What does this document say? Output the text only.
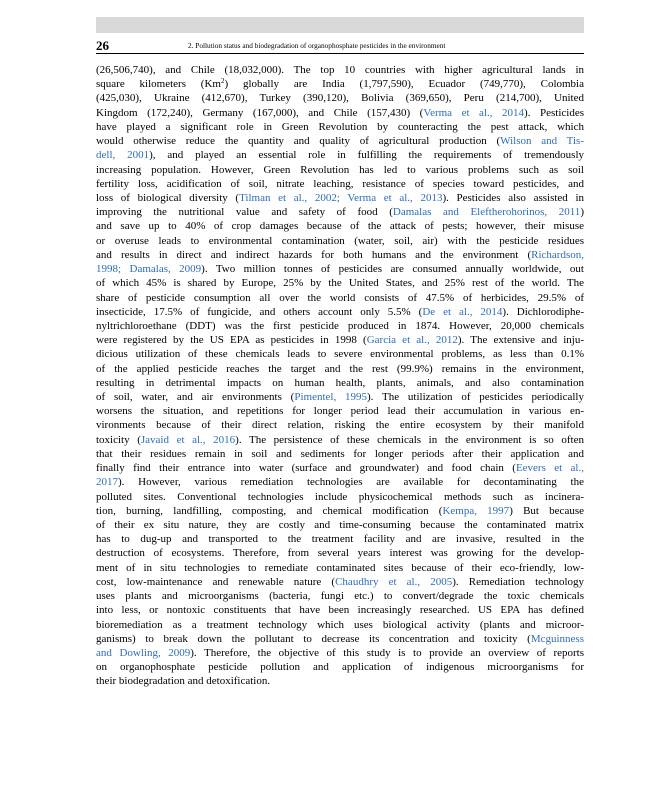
26	2. Pollution status and biodegradation of organophosphate pesticides in the environment
(26,506,740), and Chile (18,032,000). The top 10 countries with higher agricultural lands in
square kilometers (Km$^2$) globally are India (1,797,590), Ecuador (749,770), Colombia
(425,030), Ukraine (412,670), Turkey (390,120), Bolivia (369,650), Peru (214,700), United
Kingdom (172,240), Germany (167,000), and Chile (157,430) (Verma et al., 2014). Pesticides
have played a significant role in Green Revolution by counteracting the pest attack, which
would otherwise reduce the quantity and quality of agricultural production (Wilson and Tis-
dell, 2001), and played an essential role in fulfilling the requirements of tremendously
increasing population. However, Green Revolution has led to various problems such as soil
fertility loss, acidification of soil, nitrate leaching, resistance of species toward pesticides, and
loss of biological diversity (Tilman et al., 2002; Verma et al., 2013). Pesticides also assisted in
improving the nutritional value and safety of food (Damalas and Eleftherohorinos, 2011)
and save up to 40% of crop damages because of the attack of pests; however, their misuse
or overuse leads to environmental contamination (water, soil, air) with the pesticide residues
and results in direct and indirect hazards for both humans and the environment (Richardson,
1998; Damalas, 2009). Two million tonnes of pesticides are consumed annually worldwide, out
of which 45% is shared by Europe, 25% by the United States, and 25% rest of the world. The
share of pesticide consumption all over the world consists of 47.5% of herbicides, 29.5% of
insecticide, 17.5% of fungicide, and others account only 5.5% (De et al., 2014). Dichlorodiphe-
nyltrichloroethane (DDT) was the first pesticide produced in 1874. However, 20,000 chemicals
were registered by the US EPA as pesticides in 1998 (Garcia et al., 2012). The extensive and inju-
dicious utilization of these chemicals leads to severe environmental problems, as less than 0.1%
of the applied pesticide reaches the target and the rest (99.9%) remains in the environment,
resulting in detrimental impacts on human health, plants, animals, and also contamination
of soil, water, and air environments (Pimentel, 1995). The utilization of pesticides periodically
worsens the situation, and repetitions for longer period lead their accumulation in various en-
vironments because of their direct relation, risking the entire ecosystem by their manifold
toxicity (Javaid et al., 2016). The persistence of these chemicals in the environment is so often
that their residues remain in soil and sediments for longer periods after their application and
finally find their entrance into water (surface and groundwater) and food chain (Eevers et al.,
2017). However, various remediation technologies are available for decontaminating the
polluted sites. Conventional technologies include physicochemical methods such as incinera-
tion, burning, landfilling, composting, and chemical modification (Kempa, 1997) But because
of their ex situ nature, they are costly and time-consuming because the contaminated matrix
has to dug-up and transported to the treatment facility and are invasive, resulted in the
destruction of ecosystems. Therefore, from several years interest was growing for the develop-
ment of in situ technologies to remediate contaminated sites because of their eco-friendly, low-
cost, low-maintenance and renewable nature (Chaudhry et al., 2005). Remediation technology
uses plants and microorganisms (bacteria, fungi etc.) to convert/degrade the toxic chemicals
into less, or nontoxic constituents that have been increasingly researched. US EPA has defined
bioremediation as a treatment technology which uses biological activity (plants and microor-
ganisms) to break down the pollutant to decrease its concentration and toxicity (Mcguinness
and Dowling, 2009). Therefore, the objective of this study is to provide an overview of reports
on organophosphate pesticide pollution and application of indigenous microorganisms for
their biodegradation and detoxification.
